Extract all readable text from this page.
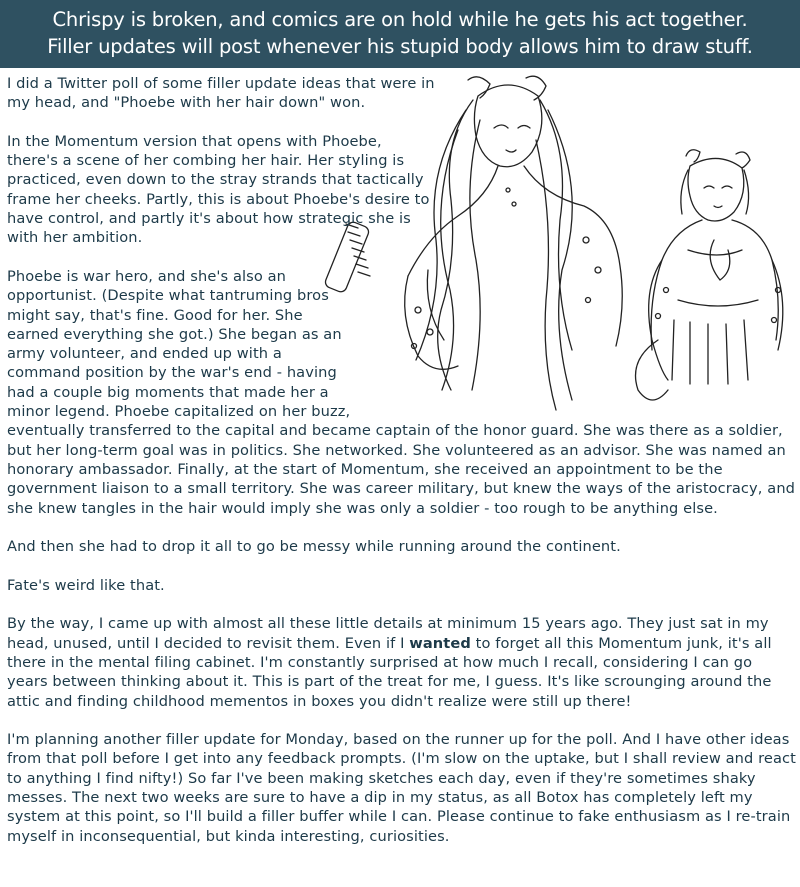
Chrispy is broken, and comics are on hold while he gets his act together.
Filler updates will post whenever his stupid body allows him to draw stuff.

I did a Twitter poll of some filler update ideas that were in my head, and "Phoebe with her hair down" won.

In the Momentum version that opens with Phoebe, there's a scene of her combing her hair. Her styling is practiced, even down to the stray strands that tactically frame her cheeks. Partly, this is about Phoebe's desire to have control, and partly it's about how strategic she is with her ambition.

Phoebe is war hero, and she's also an opportunist. (Despite what tantruming bros might say, that's fine. Good for her. She earned everything she got.) She began as an army volunteer, and ended up with a command position by the war's end - having had a couple big moments that made her a minor legend. Phoebe capitalized on her buzz, eventually transferred to the capital and became captain of the honor guard. She was there as a soldier, but her long-term goal was in politics. She networked. She volunteered as an advisor. She was named an honorary ambassador. Finally, at the start of Momentum, she received an appointment to be the government liaison to a small territory. She was career military, but knew the ways of the aristocracy, and she knew tangles in the hair would imply she was only a soldier - too rough to be anything else.

And then she had to drop it all to go be messy while running around the continent.

Fate's weird like that.

By the way, I came up with almost all these little details at minimum 15 years ago. They just sat in my head, unused, until I decided to revisit them. Even if I wanted to forget all this Momentum junk, it's all there in the mental filing cabinet. I'm constantly surprised at how much I recall, considering I can go years between thinking about it. This is part of the treat for me, I guess. It's like scrounging around the attic and finding childhood mementos in boxes you didn't realize were still up there!

I'm planning another filler update for Monday, based on the runner up for the poll. And I have other ideas from that poll before I get into any feedback prompts. (I'm slow on the uptake, but I shall review and react to anything I find nifty!) So far I've been making sketches each day, even if they're sometimes shaky messes. The next two weeks are sure to have a dip in my status, as all Botox has completely left my system at this point, so I'll build a filler buffer while I can. Please continue to fake enthusiasm as I re-train myself in inconsequential, but kinda interesting, curiosities.
